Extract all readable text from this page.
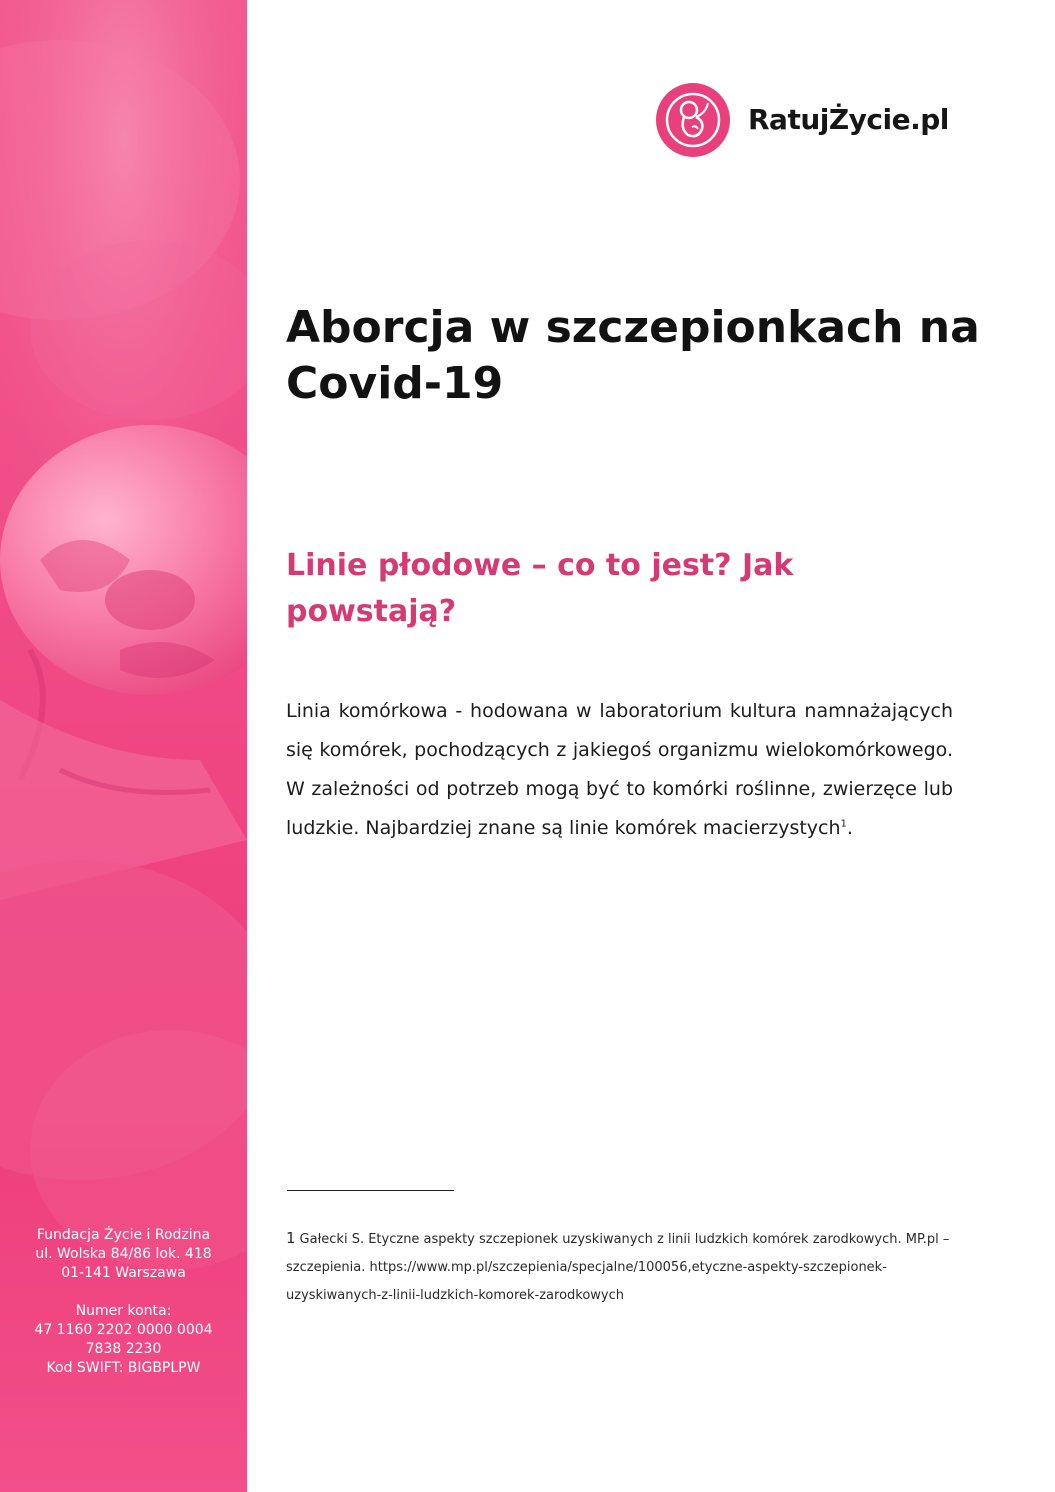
Fundacja Życie i Rodzina
ul. Wolska 84/86 lok. 418
01-141 Warszawa
Numer konta:
47 1160 2202 0000 0004
7838 2230
Kod SWIFT: BIGBPLPW
RatujŻycie.pl
Aborcja w szczepionkach na Covid-19
Linie płodowe – co to jest? Jak powstają?

Linia komórkowa - hodowana w laboratorium kultura namnażających się komórek, pochodzących z jakiegoś organizmu wielokomórkowego. W zależności od potrzeb mogą być to komórki roślinne, zwierzęce lub ludzkie. Najbardziej znane są linie komórek macierzystych$^1$.

1 Gałecki S. Etyczne aspekty szczepionek uzyskiwanych z linii ludzkich komórek zarodkowych. MP.pl –szczepienia. https://www.mp.pl/szczepienia/specjalne/100056,etyczne-aspekty-szczepionek-uzyskiwanych-z-linii-ludzkich-komorek-zarodkowych
